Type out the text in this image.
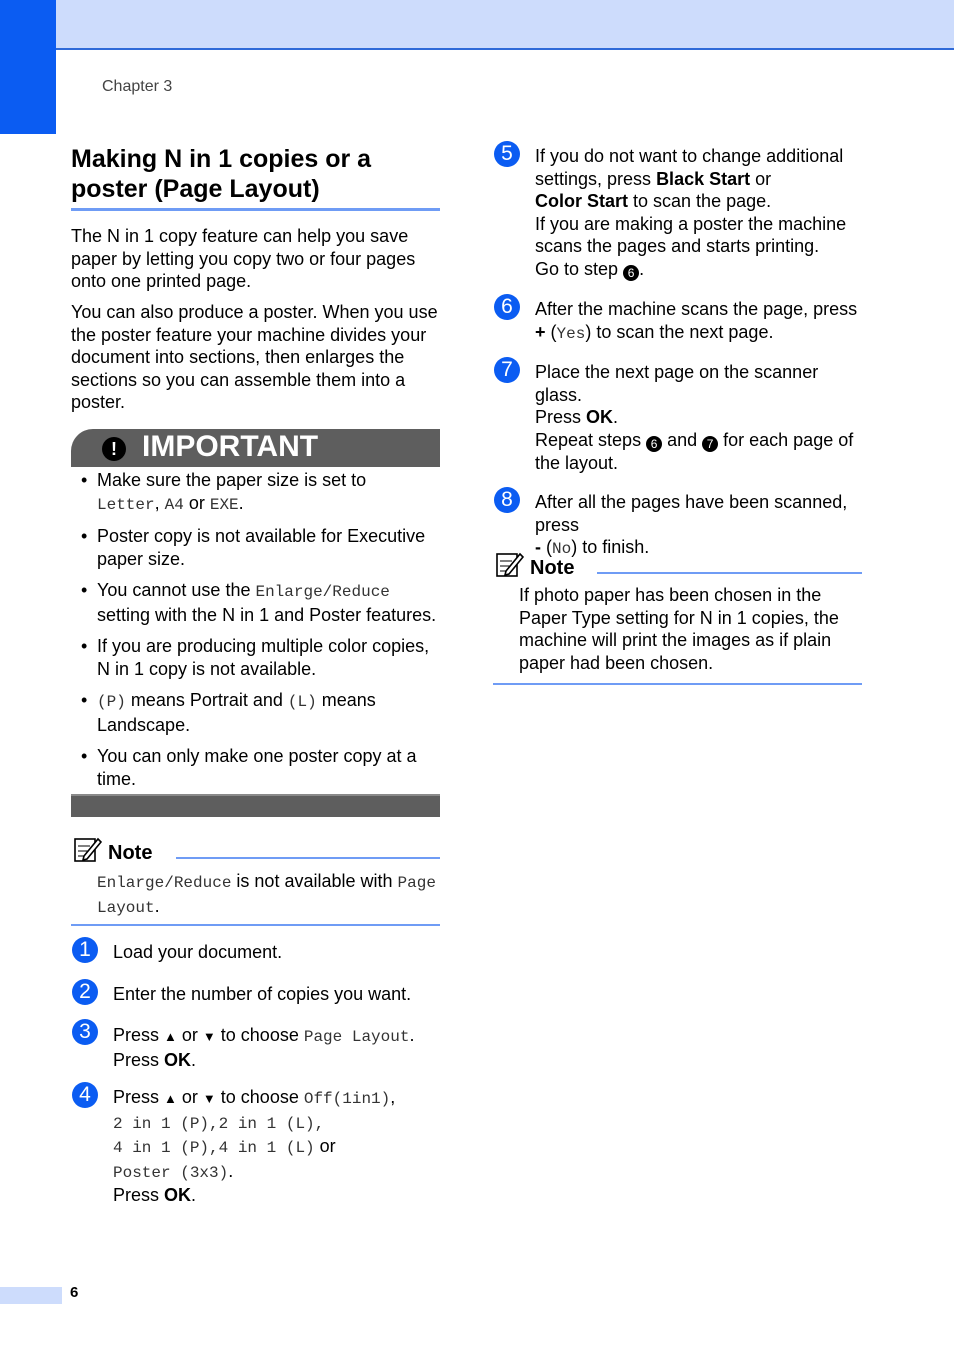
Chapter 3
Making N in 1 copies or a
poster (Page Layout)
The N in 1 copy feature can help you save paper by letting you copy two or four pages onto one printed page.
You can also produce a poster. When you use the poster feature your machine divides your document into sections, then enlarges the sections so you can assemble them into a poster.
! IMPORTANT
• Make sure the paper size is set to
Letter, A4 or EXE.
• Poster copy is not available for Executive paper size.
• You cannot use the Enlarge/Reduce setting with the N in 1 and Poster features.
• If you are producing multiple color copies, N in 1 copy is not available.
• (P) means Portrait and (L) means Landscape.
• You can only make one poster copy at a time.
Note
Enlarge/Reduce is not available with Page Layout.
1	Load your document.
2	Enter the number of copies you want.
3	Press ▲ or ▼ to choose Page Layout.
Press OK.
4	Press ▲ or ▼ to choose Off(1in1),
2 in 1 (P),2 in 1 (L),
4 in 1 (P),4 in 1 (L) or
Poster (3x3).
Press OK.
5	If you do not want to change additional settings, press Black Start or
Color Start to scan the page.
If you are making a poster the machine scans the pages and starts printing.
Go to step 6 .
6	After the machine scans the page, press
+ (Yes) to scan the next page.
7	Place the next page on the scanner glass.
Press OK.
Repeat steps 6 and 7 for each page of the layout.
8	After all the pages have been scanned, press
- (No) to finish.
Note
If photo paper has been chosen in the Paper Type setting for N in 1 copies, the machine will print the images as if plain paper had been chosen.
6
